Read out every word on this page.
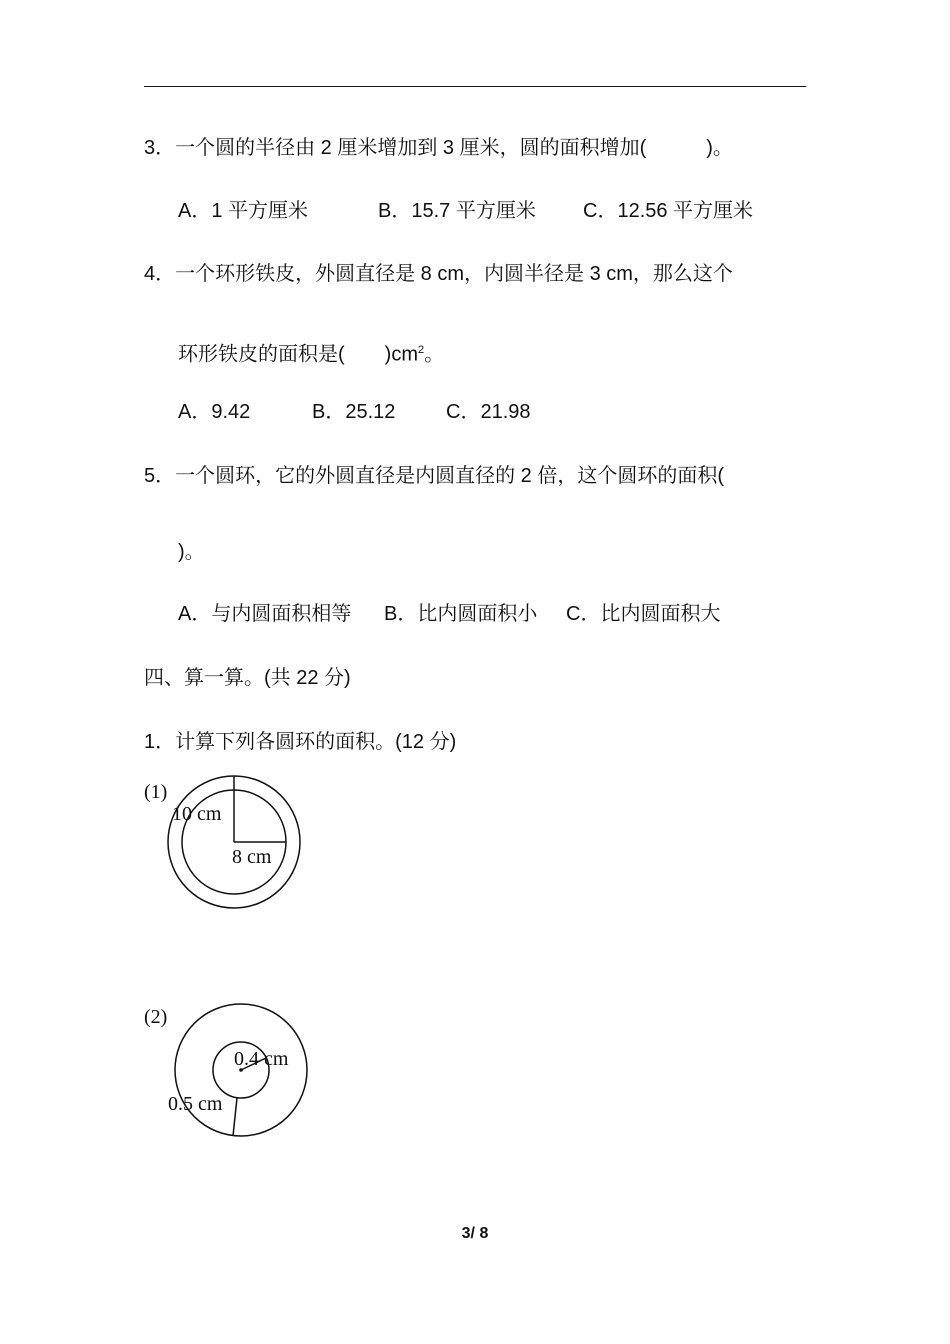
3．一个圆的半径由 2 厘米增加到 3 厘米，圆的面积增加(　　　)。
A．1 平方厘米	B．15.7 平方厘米 C．12.56 平方厘米
4．一个环形铁皮，外圆直径是 8 cm，内圆半径是 3 cm，那么这个
环形铁皮的面积是(　　)$cm^2$。
A．9.42	B．25.12	C．21.98
5．一个圆环，它的外圆直径是内圆直径的 2 倍，这个圆环的面积(
)。
A．与内圆面积相等 B．比内圆面积小 C．比内圆面积大
四、算一算。(共 22 分)
1．计算下列各圆环的面积。(12 分)
(1)
10 cm
8 cm
(2)
0.4 cm
0.5 cm
3/ 8
